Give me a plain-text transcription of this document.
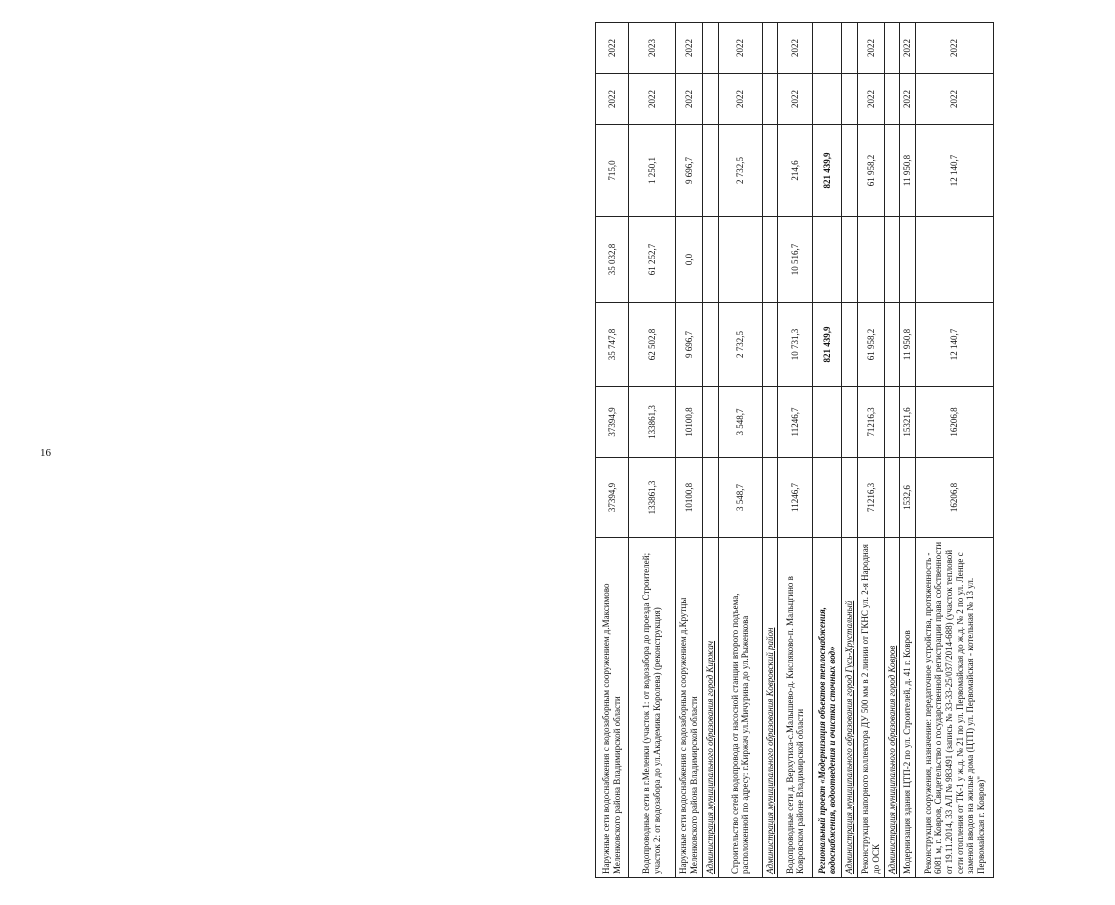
16
Наружные сети водоснабжения с водозаборным сооружением д.Максимово Меленковского района Владимирской области	37394,9	37394,9	35 747,8	35 032,8	715,0	2022	2022
Водопроводные сети в г.Меленки (участок 1: от водозабора до проезда Строителей; участок 2: от водозабора до ул.Академика Королева) (реконструкция)	133861,3	133861,3	62 502,8	61 252,7	1 250,1	2022	2023
Наружные сети водоснабжения с водозаборным сооружением д.Крутцы Меленковского района Владимирской области	10100,8	10100,8	9 696,7	0,0	9 696,7	2022	2022
Администрация муниципального образования город Киржач							
Строительство сетей водопровода от насосной станции второго подъема, расположенной по адресу: г.Киржач ул.Мичурина до ул.Рыженкова	3 548,7	3 548,7	2 732,5		2 732,5	2022	2022
Администрация муниципального образования Ковровский район							
Водопроводные сети д. Верхутиха-с.Малышево-д. Кисляково-п. Мальцгино в Ковровском районе Владимирской области	11246,7	11246,7	10 731,3	10 516,7	214,6	2022	2022
Региональный проект «Модернизация объектов теплоснабжения, водоснабжения, водоотведения и очистки сточных вод»			821 439,9		821 439,9		
Администрация муниципального образования город Гусь-Хрустальный							
Реконструкция напорного коллектора ДУ 500 мм в 2 линии от ГКНС ул. 2-я Народная до ОСК	71216,3	71216,3	61 958,2		61 958,2	2022	2022
Администрация муниципального образования город Ковров							
Модернизация здания ЦТП-2 по ул. Строителей, д. 41 г. Ковров	1532,6	15321,6	11 950,8		11 950,8	2022	2022
Реконструкция сооружения, назначение: передаточное устройства, протяженность - 6081 м, г. Ковров, Свидетельство о государственной регистрации права собственности от 19.11.2014, 33 АЛ № 983491 (запись № 33-33-25/037/2014-688) (участок тепловой сети отопления от ТК-1 у ж.д. № 21 по ул. Первомайская до ж.д. № 2 по ул. Ленце с заменой вводов на жилые дома (ЦТП) ул. Первомайская - котельная № 13 ул. Первомайская г. Ковров)"	16206,8	16206,8	12 140,7		12 140,7	2022	2022
